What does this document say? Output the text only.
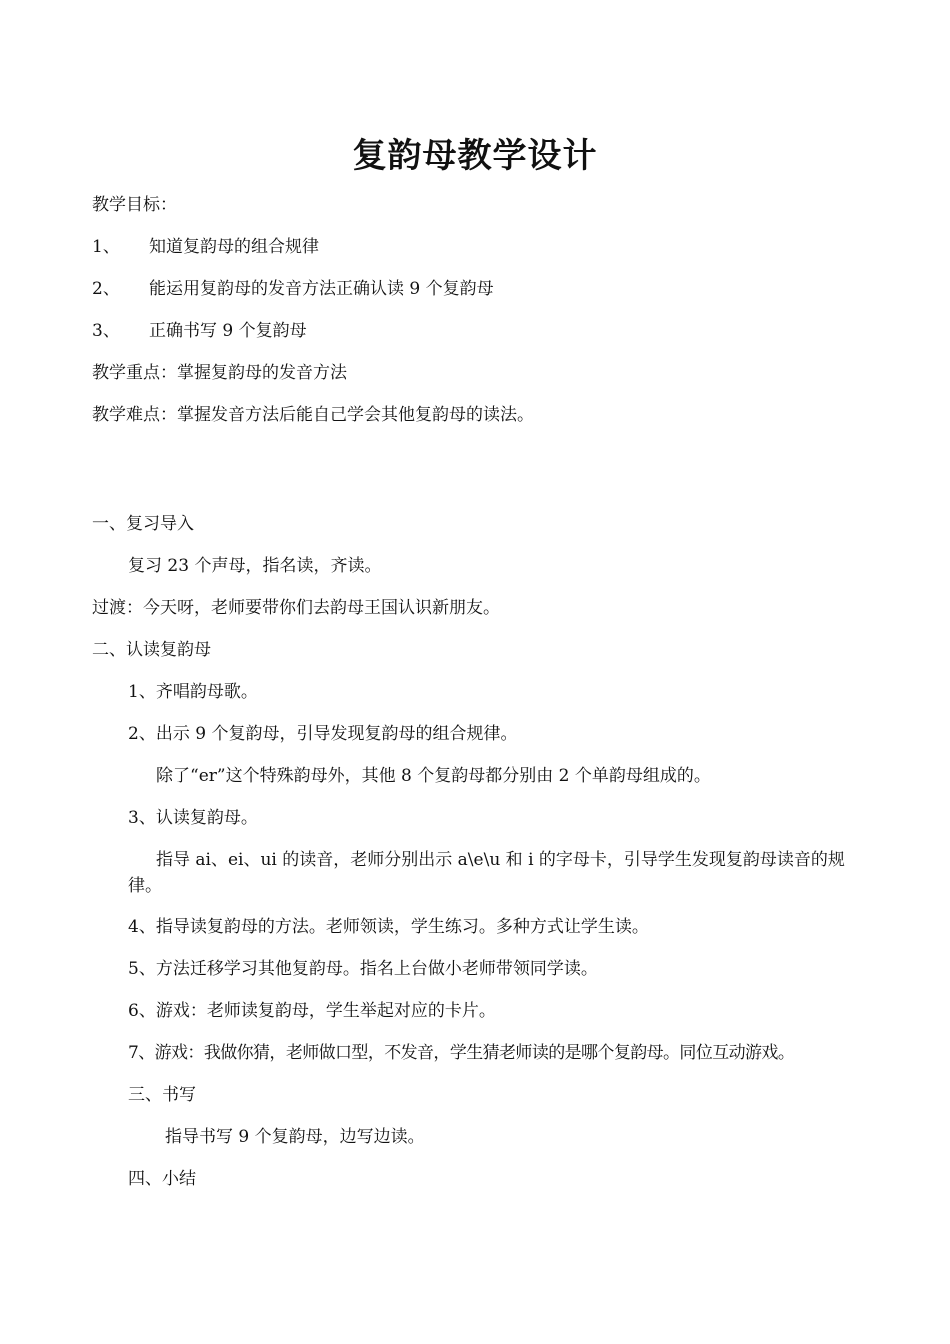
复韵母教学设计
教学目标：
1、 知道复韵母的组合规律
2、 能运用复韵母的发音方法正确认读 9 个复韵母
3、 正确书写 9 个复韵母
教学重点：掌握复韵母的发音方法
教学难点：掌握发音方法后能自己学会其他复韵母的读法。
一、复习导入
复习 23 个声母，指名读，齐读。
过渡：今天呀，老师要带你们去韵母王国认识新朋友。
二、认读复韵母
1、齐唱韵母歌。
2、出示 9 个复韵母，引导发现复韵母的组合规律。
除了“er”这个特殊韵母外，其他 8 个复韵母都分别由 2 个单韵母组成的。
3、认读复韵母。
指导 ai、ei、ui 的读音，老师分别出示 a\e\u 和 i 的字母卡，引导学生发现复韵母读音的规律。
4、指导读复韵母的方法。老师领读，学生练习。多种方式让学生读。
5、方法迁移学习其他复韵母。指名上台做小老师带领同学读。
6、游戏：老师读复韵母，学生举起对应的卡片。
7、游戏：我做你猜，老师做口型，不发音，学生猜老师读的是哪个复韵母。同位互动游戏。
三、书写
指导书写 9 个复韵母，边写边读。
四、小结
